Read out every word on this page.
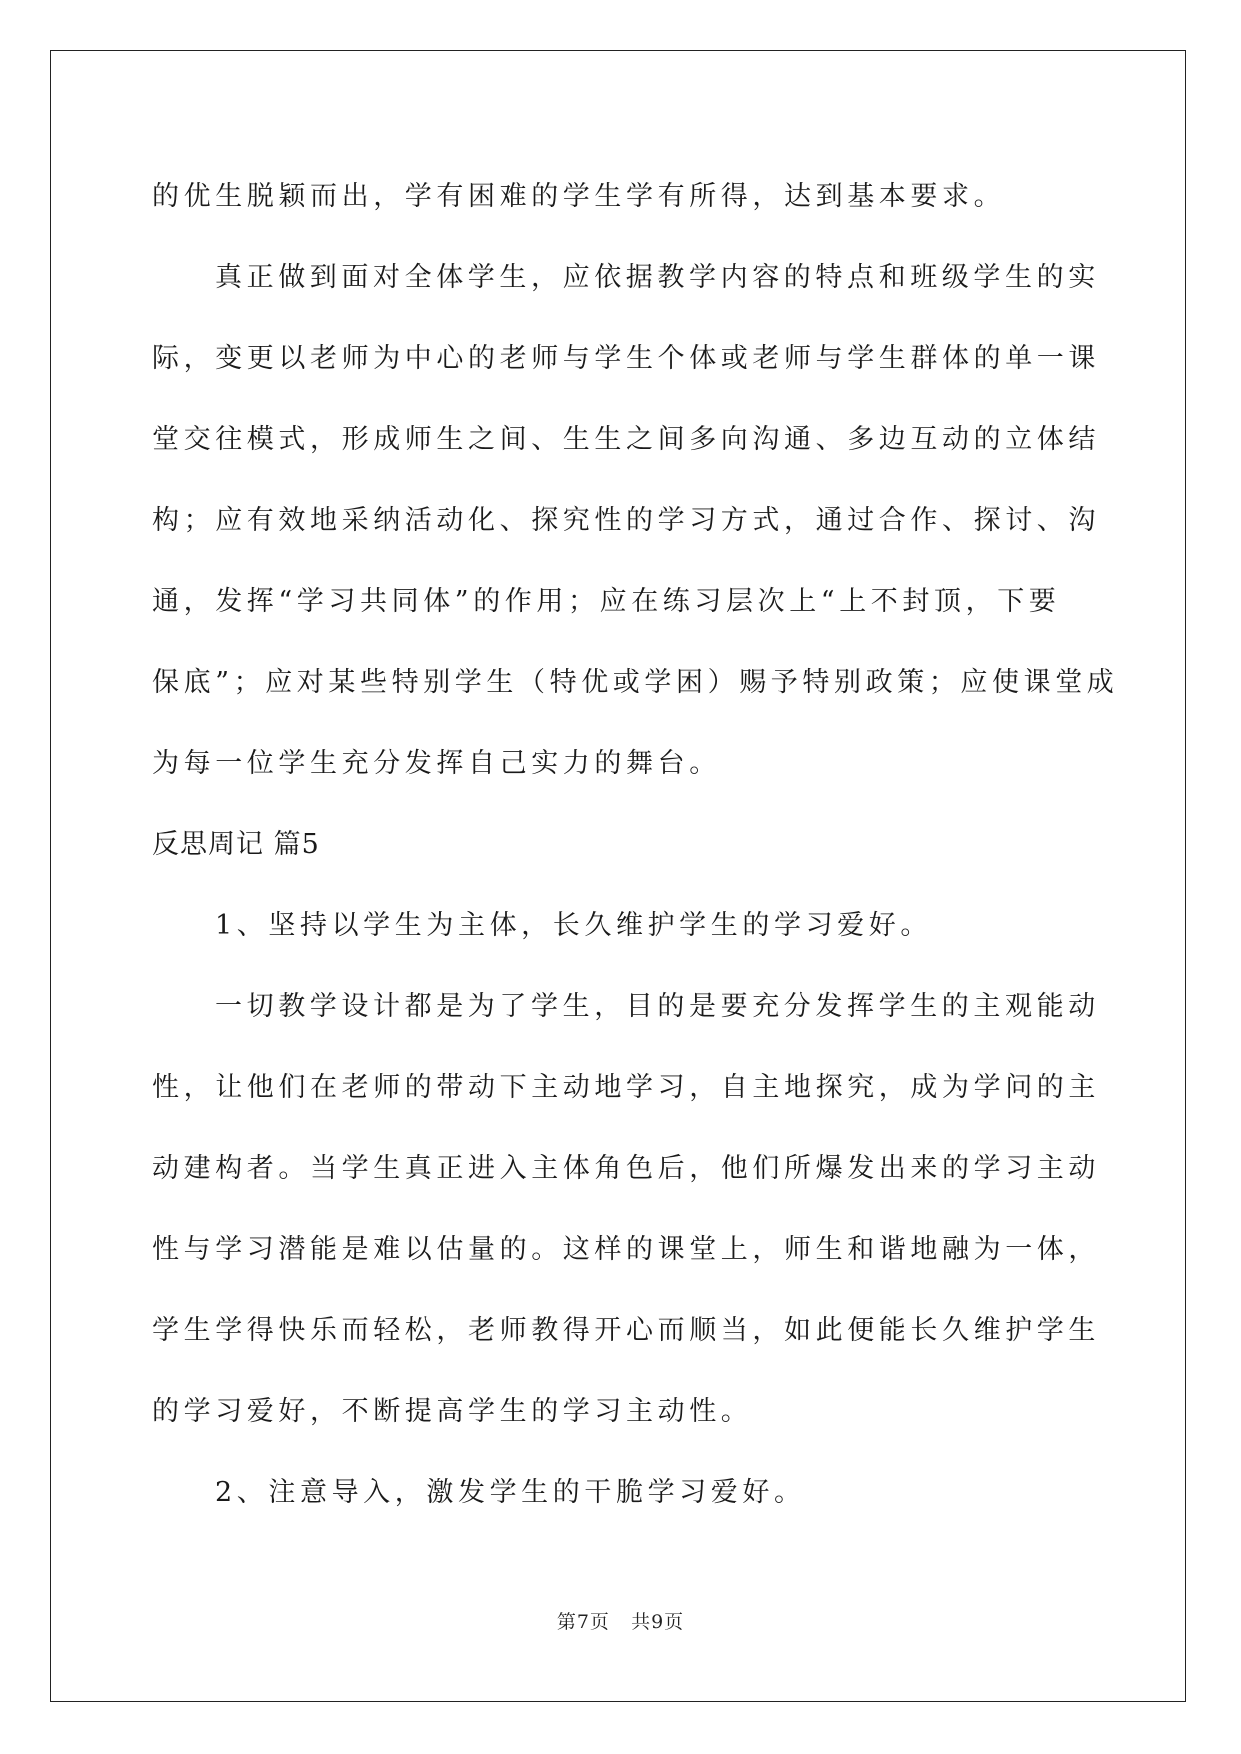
的优生脱颖而出，学有困难的学生学有所得，达到基本要求。

真正做到面对全体学生，应依据教学内容的特点和班级学生的实
际，变更以老师为中心的老师与学生个体或老师与学生群体的单一课
堂交往模式，形成师生之间、生生之间多向沟通、多边互动的立体结
构；应有效地采纳活动化、探究性的学习方式，通过合作、探讨、沟
通，发挥“学习共同体”的作用；应在练习层次上“上不封顶，下要
保底”；应对某些特别学生（特优或学困）赐予特别政策；应使课堂成
为每一位学生充分发挥自己实力的舞台。

反思周记 篇5

1、坚持以学生为主体，长久维护学生的学习爱好。

一切教学设计都是为了学生，目的是要充分发挥学生的主观能动
性，让他们在老师的带动下主动地学习，自主地探究，成为学问的主
动建构者。当学生真正进入主体角色后，他们所爆发出来的学习主动
性与学习潜能是难以估量的。这样的课堂上，师生和谐地融为一体，
学生学得快乐而轻松，老师教得开心而顺当，如此便能长久维护学生
的学习爱好，不断提高学生的学习主动性。

2、注意导入，激发学生的干脆学习爱好。

第7页 共9页
